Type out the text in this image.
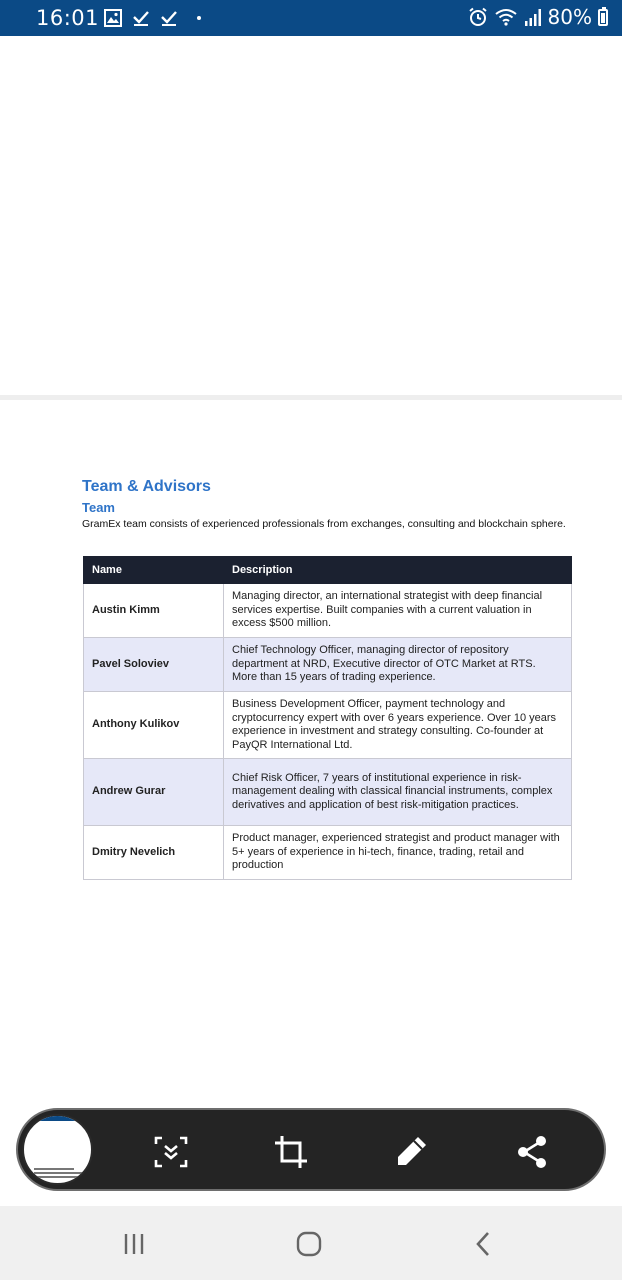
16:01	80%
Team & Advisors
Team
GramEx team consists of experienced professionals from exchanges, consulting and blockchain sphere.
Name	Description
Austin Kimm	Managing director, an international strategist with deep financial services expertise. Built companies with a current valuation in excess $500 million.
Pavel Soloviev	Chief Technology Officer, managing director of repository department at NRD, Executive director of OTC Market at RTS. More than 15 years of trading experience.
Anthony Kulikov	Business Development Officer, payment technology and cryptocurrency expert with over 6 years experience. Over 10 years experience in investment and strategy consulting. Co-founder at PayQR International Ltd.
Andrew Gurar	Chief Risk Officer, 7 years of institutional experience in risk-management dealing with classical financial instruments, complex derivatives and application of best risk-mitigation practices.
Dmitry Nevelich	Product manager, experienced strategist and product manager with 5+ years of experience in hi-tech, finance, trading, retail and production
